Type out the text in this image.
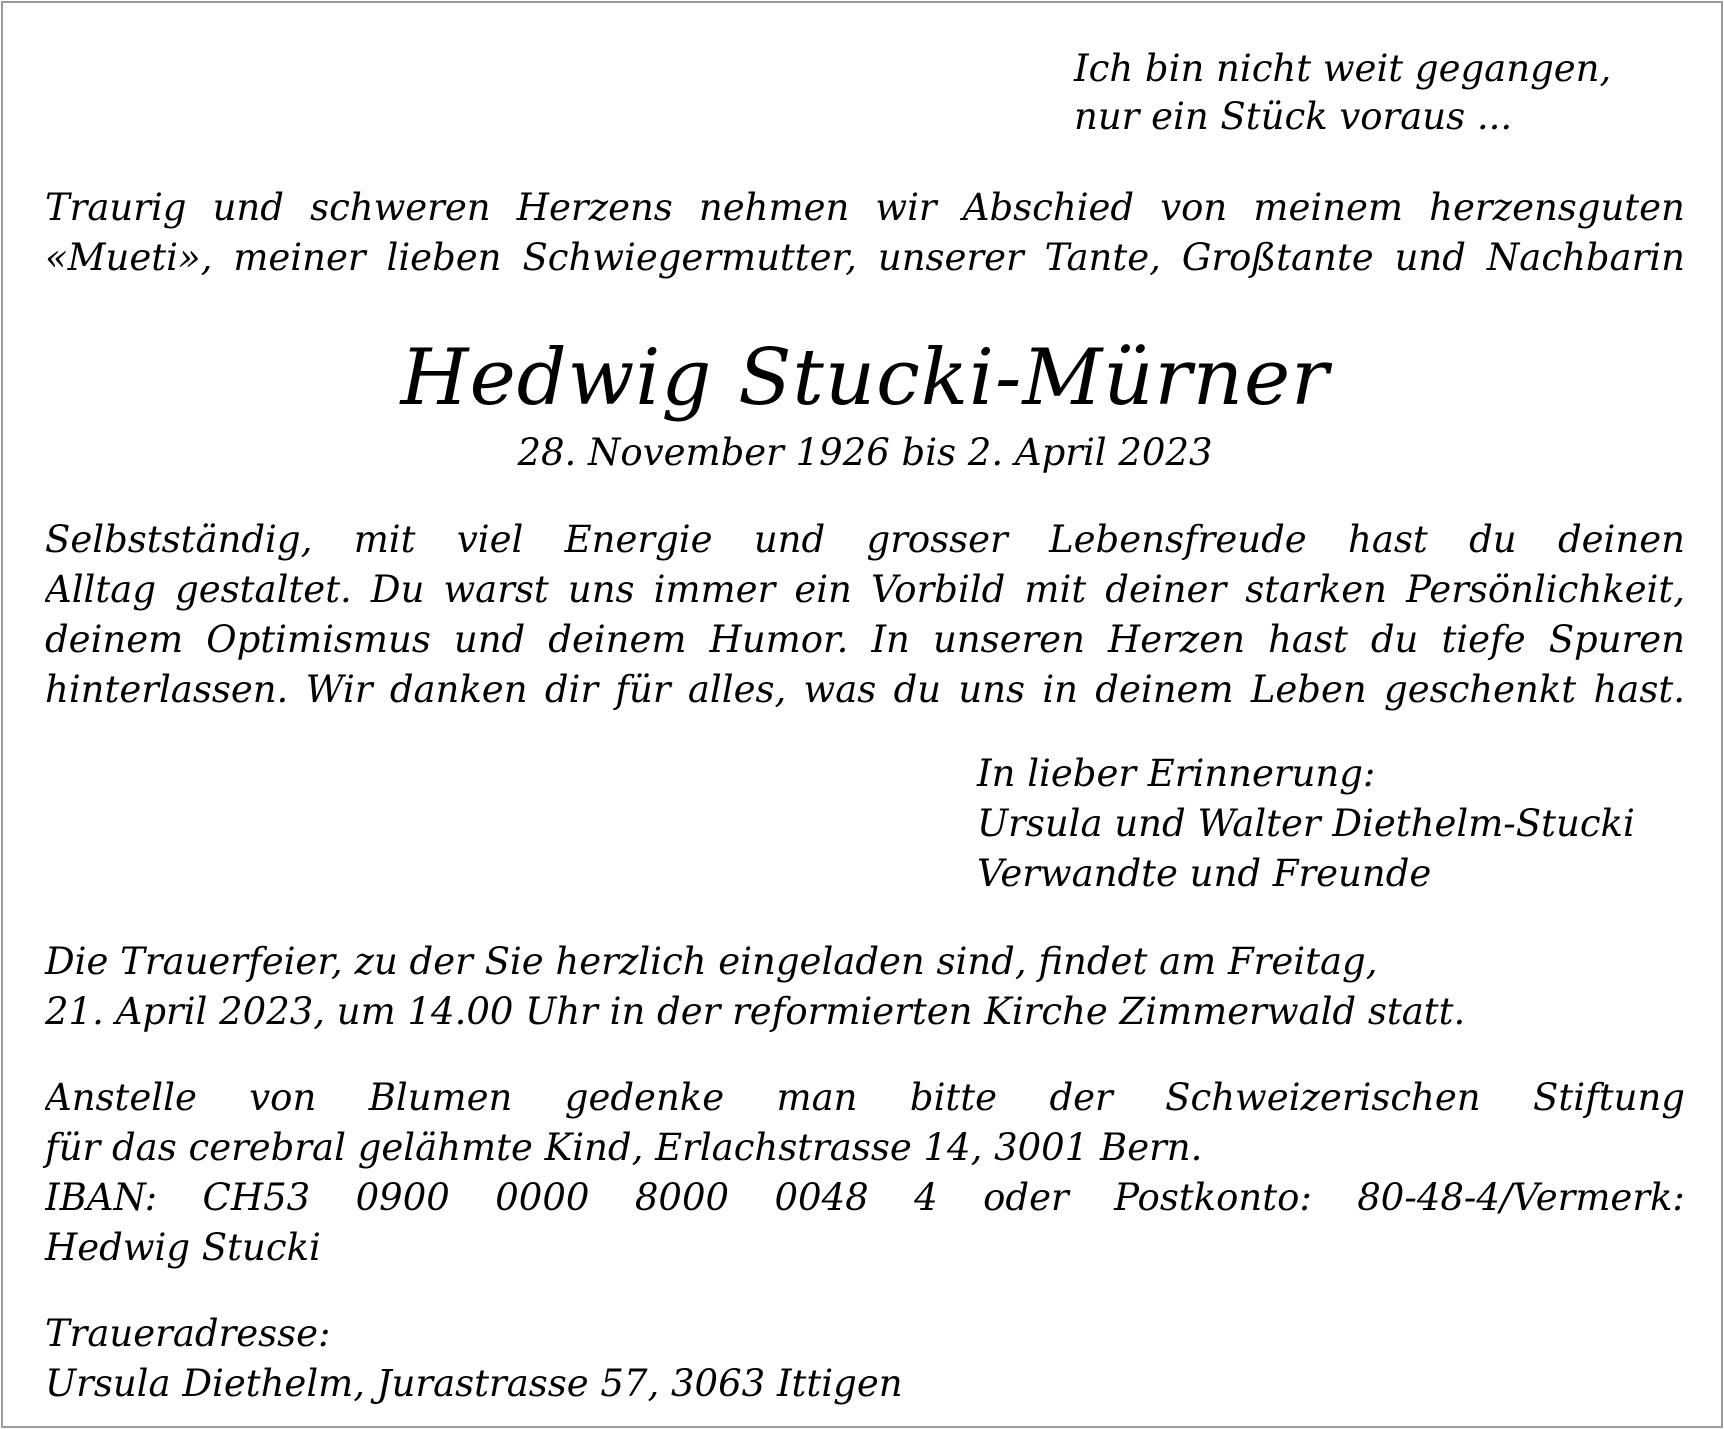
Ich bin nicht weit gegangen,
nur ein Stück voraus ...
Traurig und schweren Herzens nehmen wir Abschied von meinem herzensguten
«Mueti», meiner lieben Schwiegermutter, unserer Tante, Großtante und Nachbarin
Hedwig Stucki-Mürner
28. November 1926 bis 2. April 2023
Selbstständig, mit viel Energie und grosser Lebensfreude hast du deinen
Alltag gestaltet. Du warst uns immer ein Vorbild mit deiner starken Persönlichkeit,
deinem Optimismus und deinem Humor. In unseren Herzen hast du tiefe Spuren
hinterlassen. Wir danken dir für alles, was du uns in deinem Leben geschenkt hast.
In lieber Erinnerung:
Ursula und Walter Diethelm-Stucki
Verwandte und Freunde
Die Trauerfeier, zu der Sie herzlich eingeladen sind, findet am Freitag,
21. April 2023, um 14.00 Uhr in der reformierten Kirche Zimmerwald statt.
Anstelle von Blumen gedenke man bitte der Schweizerischen Stiftung
für das cerebral gelähmte Kind, Erlachstrasse 14, 3001 Bern.
IBAN: CH53 0900 0000 8000 0048 4 oder Postkonto: 80-48-4/Vermerk:
Hedwig Stucki
Traueradresse:
Ursula Diethelm, Jurastrasse 57, 3063 Ittigen
